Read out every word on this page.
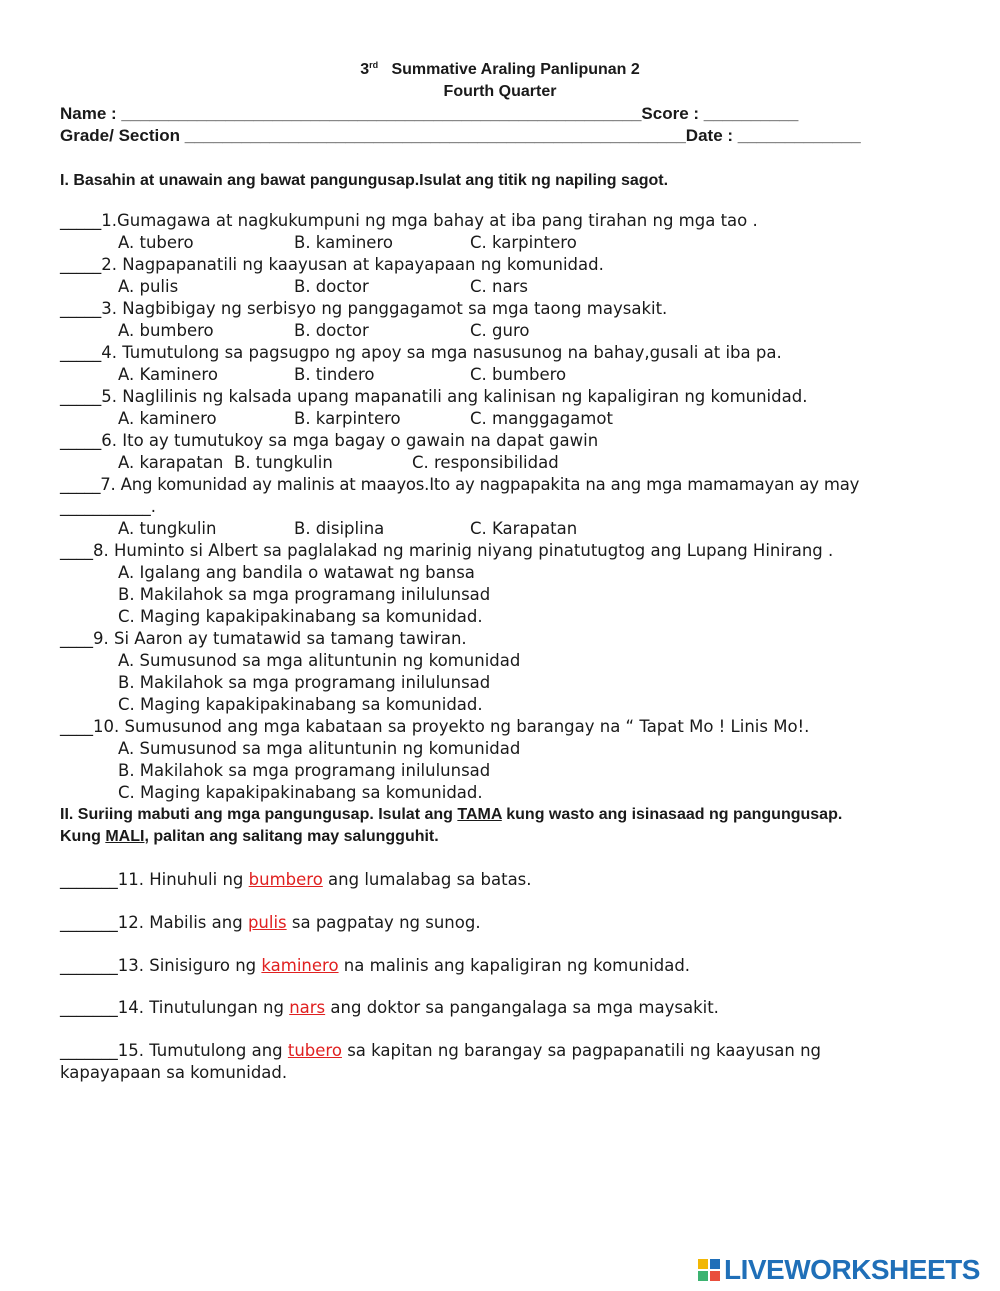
3rd Summative Araling Panlipunan 2
Fourth Quarter
Name : _______________________________________________________Score : __________
Grade/ Section _____________________________________________________Date : _____________
I. Basahin at unawain ang bawat pangungusap.Isulat ang titik ng napiling sagot.
_____1.Gumagawa at nagkukumpuni ng mga bahay at iba pang tirahan ng mga tao .
A. tubero	B. kaminero	C. karpintero
_____2. Nagpapanatili ng kaayusan at kapayapaan ng komunidad.
A. pulis	B. doctor	C. nars
_____3. Nagbibigay ng serbisyo ng panggagamot sa mga taong maysakit.
A. bumbero	B. doctor	C. guro
_____4. Tumutulong sa pagsugpo ng apoy sa mga nasusunog na bahay,gusali at iba pa.
A. Kaminero	B. tindero	C. bumbero
_____5. Naglilinis ng kalsada upang mapanatili ang kalinisan ng kapaligiran ng komunidad.
A. kaminero	B. karpintero	C. manggagamot
_____6. Ito ay tumutukoy sa mga bagay o gawain na dapat gawin
A. karapatan B. tungkulin	C. responsibilidad
_____7. Ang komunidad ay malinis at maayos.Ito ay nagpapakita na ang mga mamamayan ay may
___________.
A. tungkulin	B. disiplina	C. Karapatan
____8. Huminto si Albert sa paglalakad ng marinig niyang pinatutugtog ang Lupang Hinirang .
A. Igalang ang bandila o watawat ng bansa
B. Makilahok sa mga programang inilulunsad
C. Maging kapakipakinabang sa komunidad.
____9. Si Aaron ay tumatawid sa tamang tawiran.
A. Sumusunod sa mga alituntunin ng komunidad
B. Makilahok sa mga programang inilulunsad
C. Maging kapakipakinabang sa komunidad.
____10. Sumusunod ang mga kabataan sa proyekto ng barangay na “ Tapat Mo ! Linis Mo!.
A. Sumusunod sa mga alituntunin ng komunidad
B. Makilahok sa mga programang inilulunsad
C. Maging kapakipakinabang sa komunidad.
II. Suriing mabuti ang mga pangungusap. Isulat ang TAMA kung wasto ang isinasaad ng pangungusap. Kung MALI, palitan ang salitang may salungguhit.
_______11. Hinuhuli ng bumbero ang lumalabag sa batas.
_______12. Mabilis ang pulis sa pagpatay ng sunog.
_______13. Sinisiguro ng kaminero na malinis ang kapaligiran ng komunidad.
_______14. Tinutulungan ng nars ang doktor sa pangangalaga sa mga maysakit.
_______15. Tumutulong ang tubero sa kapitan ng barangay sa pagpapanatili ng kaayusan ng kapayapaan sa komunidad.
LIVEWORKSHEETS
